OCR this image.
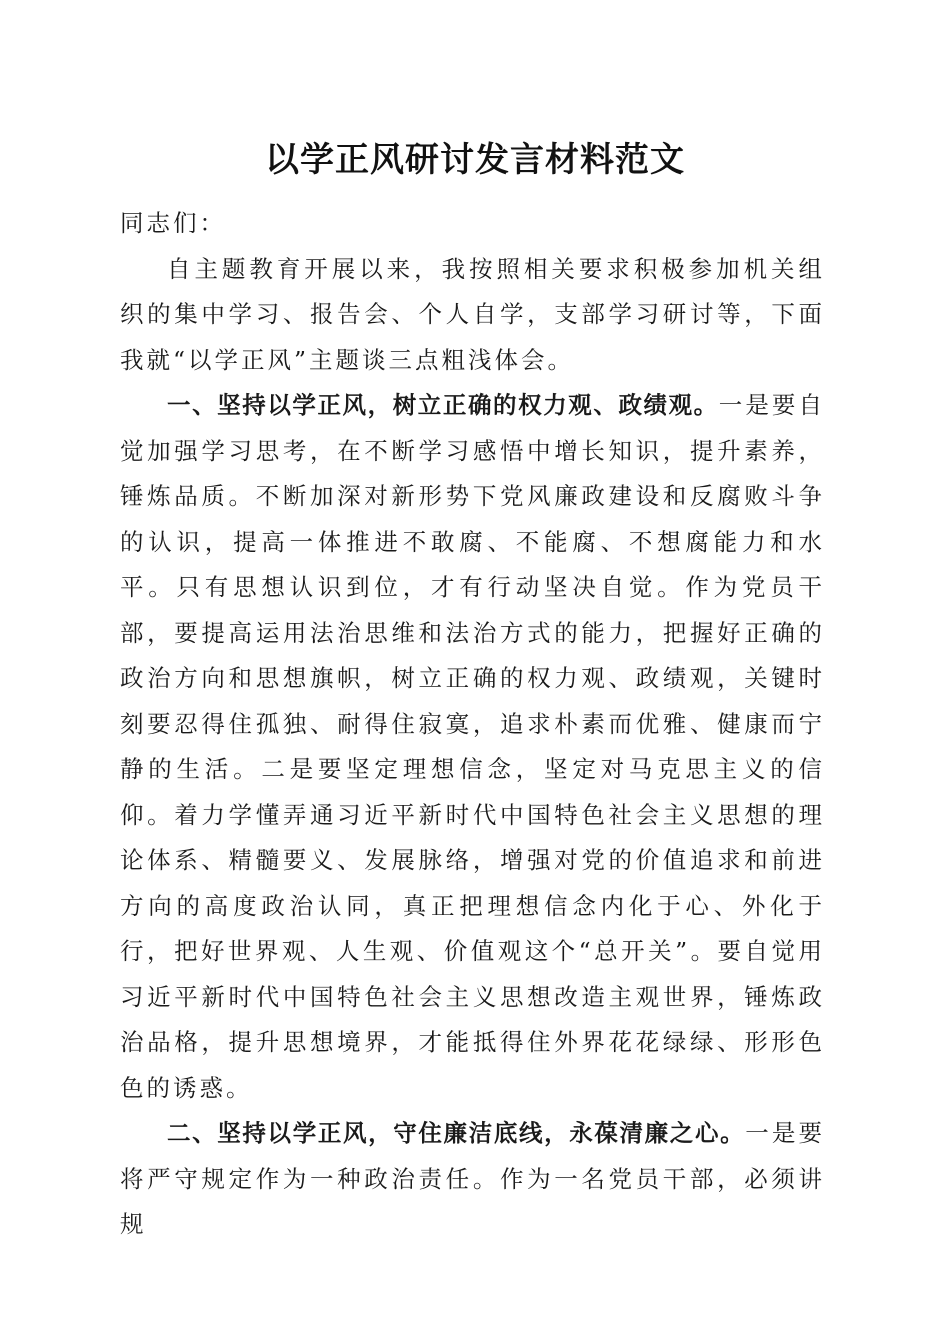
以学正风研讨发言材料范文

同志们：

自主题教育开展以来，我按照相关要求积极参加机关组织的集中学习、报告会、个人自学，支部学习研讨等，下面我就“以学正风”主题谈三点粗浅体会。

一、坚持以学正风，树立正确的权力观、政绩观。一是要自觉加强学习思考，在不断学习感悟中增长知识，提升素养，锤炼品质。不断加深对新形势下党风廉政建设和反腐败斗争的认识，提高一体推进不敢腐、不能腐、不想腐能力和水平。只有思想认识到位，才有行动坚决自觉。作为党员干部，要提高运用法治思维和法治方式的能力，把握好正确的政治方向和思想旗帜，树立正确的权力观、政绩观，关键时刻要忍得住孤独、耐得住寂寞，追求朴素而优雅、健康而宁静的生活。二是要坚定理想信念，坚定对马克思主义的信仰。着力学懂弄通习近平新时代中国特色社会主义思想的理论体系、精髓要义、发展脉络，增强对党的价值追求和前进方向的高度政治认同，真正把理想信念内化于心、外化于行，把好世界观、人生观、价值观这个“总开关”。要自觉用习近平新时代中国特色社会主义思想改造主观世界，锤炼政治品格，提升思想境界，才能抵得住外界花花绿绿、形形色色的诱惑。

二、坚持以学正风，守住廉洁底线，永葆清廉之心。一是要将严守规定作为一种政治责任。作为一名党员干部，必须讲规
